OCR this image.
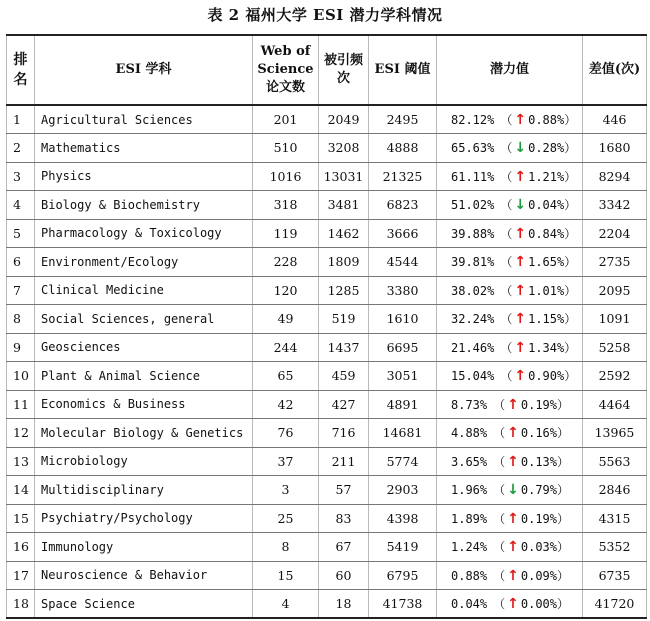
表 2 福州大学 ESI 潜力学科情况
排名	ESI 学科	Web of Science 论文数	被引频次	ESI 阈值	潜力值	差值(次)
1	Agricultural Sciences	201	2049	2495	82.12% （ ↑ 0.88%）	446
2	Mathematics	510	3208	4888	65.63% （ ↓ 0.28%）	1680
3	Physics	1016	13031	21325	61.11% （ ↑ 1.21%）	8294
4	Biology & Biochemistry	318	3481	6823	51.02% （ ↓ 0.04%）	3342
5	Pharmacology & Toxicology	119	1462	3666	39.88% （ ↑ 0.84%）	2204
6	Environment/Ecology	228	1809	4544	39.81% （ ↑ 1.65%）	2735
7	Clinical Medicine	120	1285	3380	38.02% （ ↑ 1.01%）	2095
8	Social Sciences, general	49	519	1610	32.24% （ ↑ 1.15%）	1091
9	Geosciences	244	1437	6695	21.46% （ ↑ 1.34%）	5258
10	Plant & Animal Science	65	459	3051	15.04% （ ↑ 0.90%）	2592
11	Economics & Business	42	427	4891	8.73% （ ↑ 0.19%）	4464
12	Molecular Biology & Genetics	76	716	14681	4.88% （ ↑ 0.16%）	13965
13	Microbiology	37	211	5774	3.65% （ ↑ 0.13%）	5563
14	Multidisciplinary	3	57	2903	1.96% （ ↓ 0.79%）	2846
15	Psychiatry/Psychology	25	83	4398	1.89% （ ↑ 0.19%）	4315
16	Immunology	8	67	5419	1.24% （ ↑ 0.03%）	5352
17	Neuroscience & Behavior	15	60	6795	0.88% （ ↑ 0.09%）	6735
18	Space Science	4	18	41738	0.04% （ ↑ 0.00%）	41720
